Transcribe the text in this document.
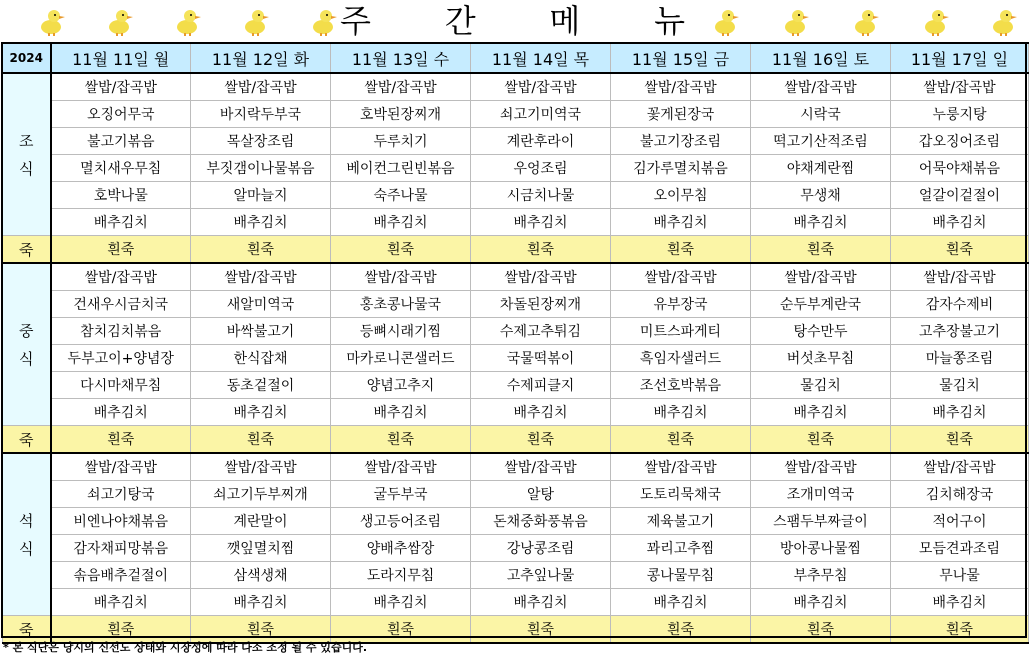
주 간 메 뉴
2024	11월 11일 월	11월 12일 화	11월 13일 수	11월 14일 목	11월 15일 금	11월 16일 토	11월 17일 일

조
식	쌀밥/잡곡밥	쌀밥/잡곡밥	쌀밥/잡곡밥	쌀밥/잡곡밥	쌀밥/잡곡밥	쌀밥/잡곡밥	쌀밥/잡곡밥
	오징어무국	바지락두부국	호박된장찌개	쇠고기미역국	꽃게된장국	시락국	누룽지탕
	불고기볶음	목살장조림	두루치기	계란후라이	불고기장조림	떡고기산적조림	갑오징어조림
	멸치새우무침	부짓갬이나물볶음	베이컨그린빈볶음	우엉조림	김가루멸치볶음	야채계란찜	어묵야채볶음
	호박나물	알마늘지	숙주나물	시금치나물	오이무침	무생채	얼갈이겉절이
	배추김치	배추김치	배추김치	배추김치	배추김치	배추김치	배추김치
죽	흰죽	흰죽	흰죽	흰죽	흰죽	흰죽	흰죽

중
식	쌀밥/잡곡밥	쌀밥/잡곡밥	쌀밥/잡곡밥	쌀밥/잡곡밥	쌀밥/잡곡밥	쌀밥/잡곡밥	쌀밥/잡곡밥
	건새우시금치국	새알미역국	홍초콩나물국	차돌된장찌개	유부장국	순두부계란국	감자수제비
	참치김치볶음	바싹불고기	등뼈시래기찜	수제고추튀김	미트스파게티	탕수만두	고추장불고기
	두부고이+양념장	한식잡채	마카로니콘샐러드	국물떡볶이	흑임자샐러드	버섯초무침	마늘쫑조림
	다시마채무침	동초겉절이	양념고추지	수제피클지	조선호박볶음	물김치	물김치
	배추김치	배추김치	배추김치	배추김치	배추김치	배추김치	배추김치
죽	흰죽	흰죽	흰죽	흰죽	흰죽	흰죽	흰죽

석
식	쌀밥/잡곡밥	쌀밥/잡곡밥	쌀밥/잡곡밥	쌀밥/잡곡밥	쌀밥/잡곡밥	쌀밥/잡곡밥	쌀밥/잡곡밥
	쇠고기탕국	쇠고기두부찌개	굴두부국	알탕	도토리묵채국	조개미역국	김치해장국
	비엔나야채볶음	계란말이	생고등어조림	돈채중화풍볶음	제육불고기	스팸두부짜글이	적어구이
	감자채피망볶음	깻잎멸치찜	양배추쌈장	강낭콩조림	꽈리고추찜	방아콩나물찜	모듬견과조림
	솎음배추겉절이	삼색생채	도라지무침	고추잎나물	콩나물무침	부추무침	무나물
	배추김치	배추김치	배추김치	배추김치	배추김치	배추김치	배추김치
죽	흰죽	흰죽	흰죽	흰죽	흰죽	흰죽	흰죽
* 본 식단은 당시의 신선도 상태와 시장성에 따라 다소 조정 될 수 있습니다.
